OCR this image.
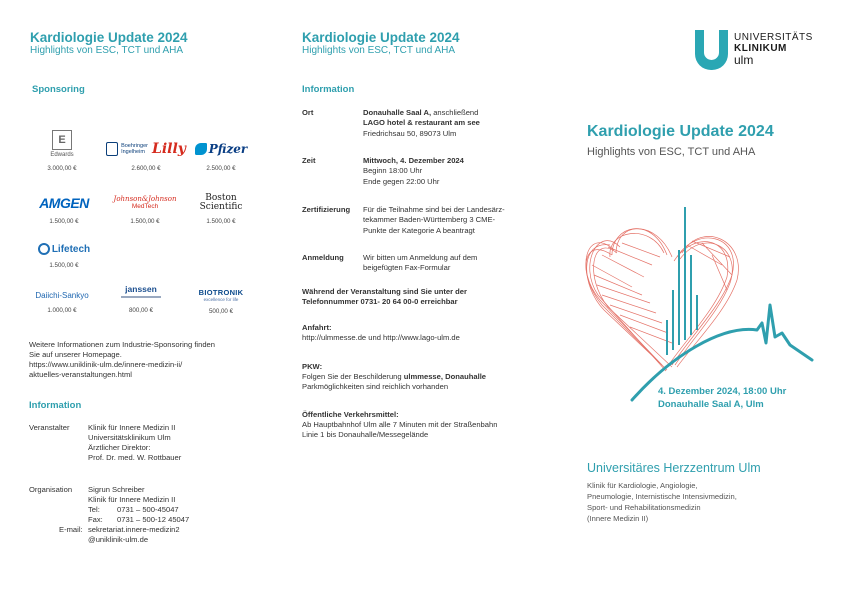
Kardiologie Update 2024
Highlights von ESC, TCT und AHA
Sponsoring
E
Edwards
3.000,00 €
Boehringer
Ingelheim Lilly
2.600,00 €
Pfizer
2.500,00 €
AMGEN
1.500,00 €
Johnson&Johnson
MedTech
1.500,00 €
Boston
Scientific
1.500,00 €
Lifetech
1.500,00 €
Daiichi-Sankyo
1.000,00 €
janssen
800,00 €
BIOTRONIK
excellence for life
500,00 €
Weitere Informationen zum Industrie-Sponsoring finden
Sie auf unserer Homepage.
https://www.uniklinik-ulm.de/innere-medizin-ii/
aktuelles-veranstaltungen.html
Information
Veranstalter	Klinik für Innere Medizin II
Universitätsklinikum Ulm
Ärztlicher Direktor:
Prof. Dr. med. W. Rottbauer
Organisation	Sigrun Schreiber
Klinik für Innere Medizin II
Tel:	0731 – 500-45047
Fax:	0731 – 500-12 45047
E-mail: sekretariat.innere-medizin2
@uniklinik-ulm.de
Kardiologie Update 2024
Highlights von ESC, TCT und AHA
Information
Ort	Donauhalle Saal A, anschließend
LAGO hotel & restaurant am see
Friedrichsau 50, 89073 Ulm
Zeit	Mittwoch, 4. Dezember 2024
Beginn 18:00 Uhr
Ende gegen 22:00 Uhr
Zertifizierung	Für die Teilnahme sind bei der Landesärz-
tekammer Baden-Württemberg 3 CME-
Punkte der Kategorie A beantragt
Anmeldung	Wir bitten um Anmeldung auf dem
beigefügten Fax-Formular
Während der Veranstaltung sind Sie unter der
Telefonnummer 0731- 20 64 00-0 erreichbar
Anfahrt:
http://ulmmesse.de und http://www.lago-ulm.de
PKW:
Folgen Sie der Beschilderung ulmmesse, Donauhalle
Parkmöglichkeiten sind reichlich vorhanden
Öffentliche Verkehrsmittel:
Ab Hauptbahnhof Ulm alle 7 Minuten mit der Straßenbahn
Linie 1 bis Donauhalle/Messegelände
UNIVERSITÄTS
KLINIKUM
ulm
Kardiologie Update 2024
Highlights von ESC, TCT und AHA
4. Dezember 2024, 18:00 Uhr
Donauhalle Saal A, Ulm
Universitäres Herzzentrum Ulm
Klinik für Kardiologie, Angiologie,
Pneumologie, Internistische Intensivmedizin,
Sport- und Rehabilitationsmedizin
(Innere Medizin II)
